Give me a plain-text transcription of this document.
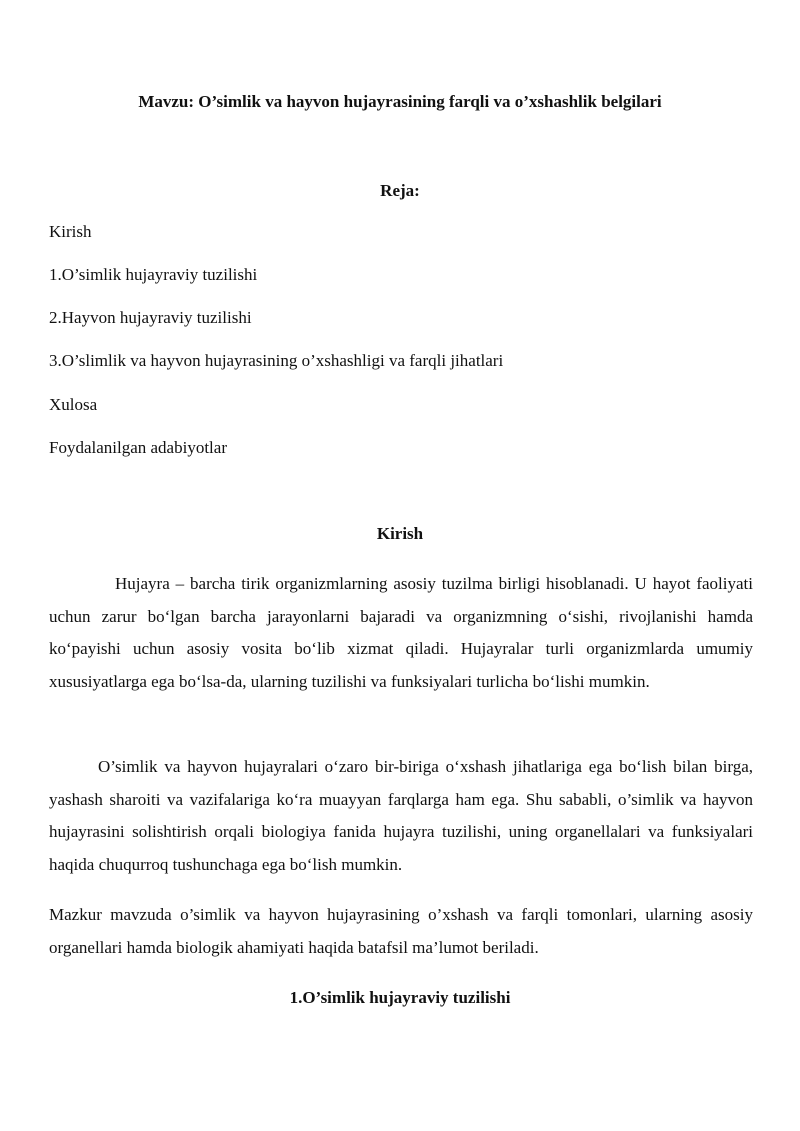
Mavzu: O’simlik va hayvon hujayrasining farqli va o’xshashlik belgilari
Reja:
Kirish
1.O’simlik hujayraviy tuzilishi
2.Hayvon hujayraviy tuzilishi
3.O’slimlik va hayvon hujayrasining o’xshashligi va farqli jihatlari
Xulosa
Foydalanilgan adabiyotlar
Kirish

Hujayra – barcha tirik organizmlarning asosiy tuzilma birligi hisoblanadi. U hayot faoliyati uchun zarur bo‘lgan barcha jarayonlarni bajaradi va organizmning o‘sishi, rivojlanishi hamda ko‘payishi uchun asosiy vosita bo‘lib xizmat qiladi. Hujayralar turli organizmlarda umumiy xususiyatlarga ega bo‘lsa-da, ularning tuzilishi va funksiyalari turlicha bo‘lishi mumkin.

O’simlik va hayvon hujayralari o‘zaro bir-biriga o‘xshash jihatlariga ega bo‘lish bilan birga, yashash sharoiti va vazifalariga ko‘ra muayyan farqlarga ham ega. Shu sababli, o’simlik va hayvon hujayrasini solishtirish orqali biologiya fanida hujayra tuzilishi, uning organellalari va funksiyalari haqida chuqurroq tushunchaga ega bo‘lish mumkin.

Mazkur mavzuda o’simlik va hayvon hujayrasining o’xshash va farqli tomonlari, ularning asosiy organellari hamda biologik ahamiyati haqida batafsil ma’lumot beriladi.

1.O’simlik hujayraviy tuzilishi
